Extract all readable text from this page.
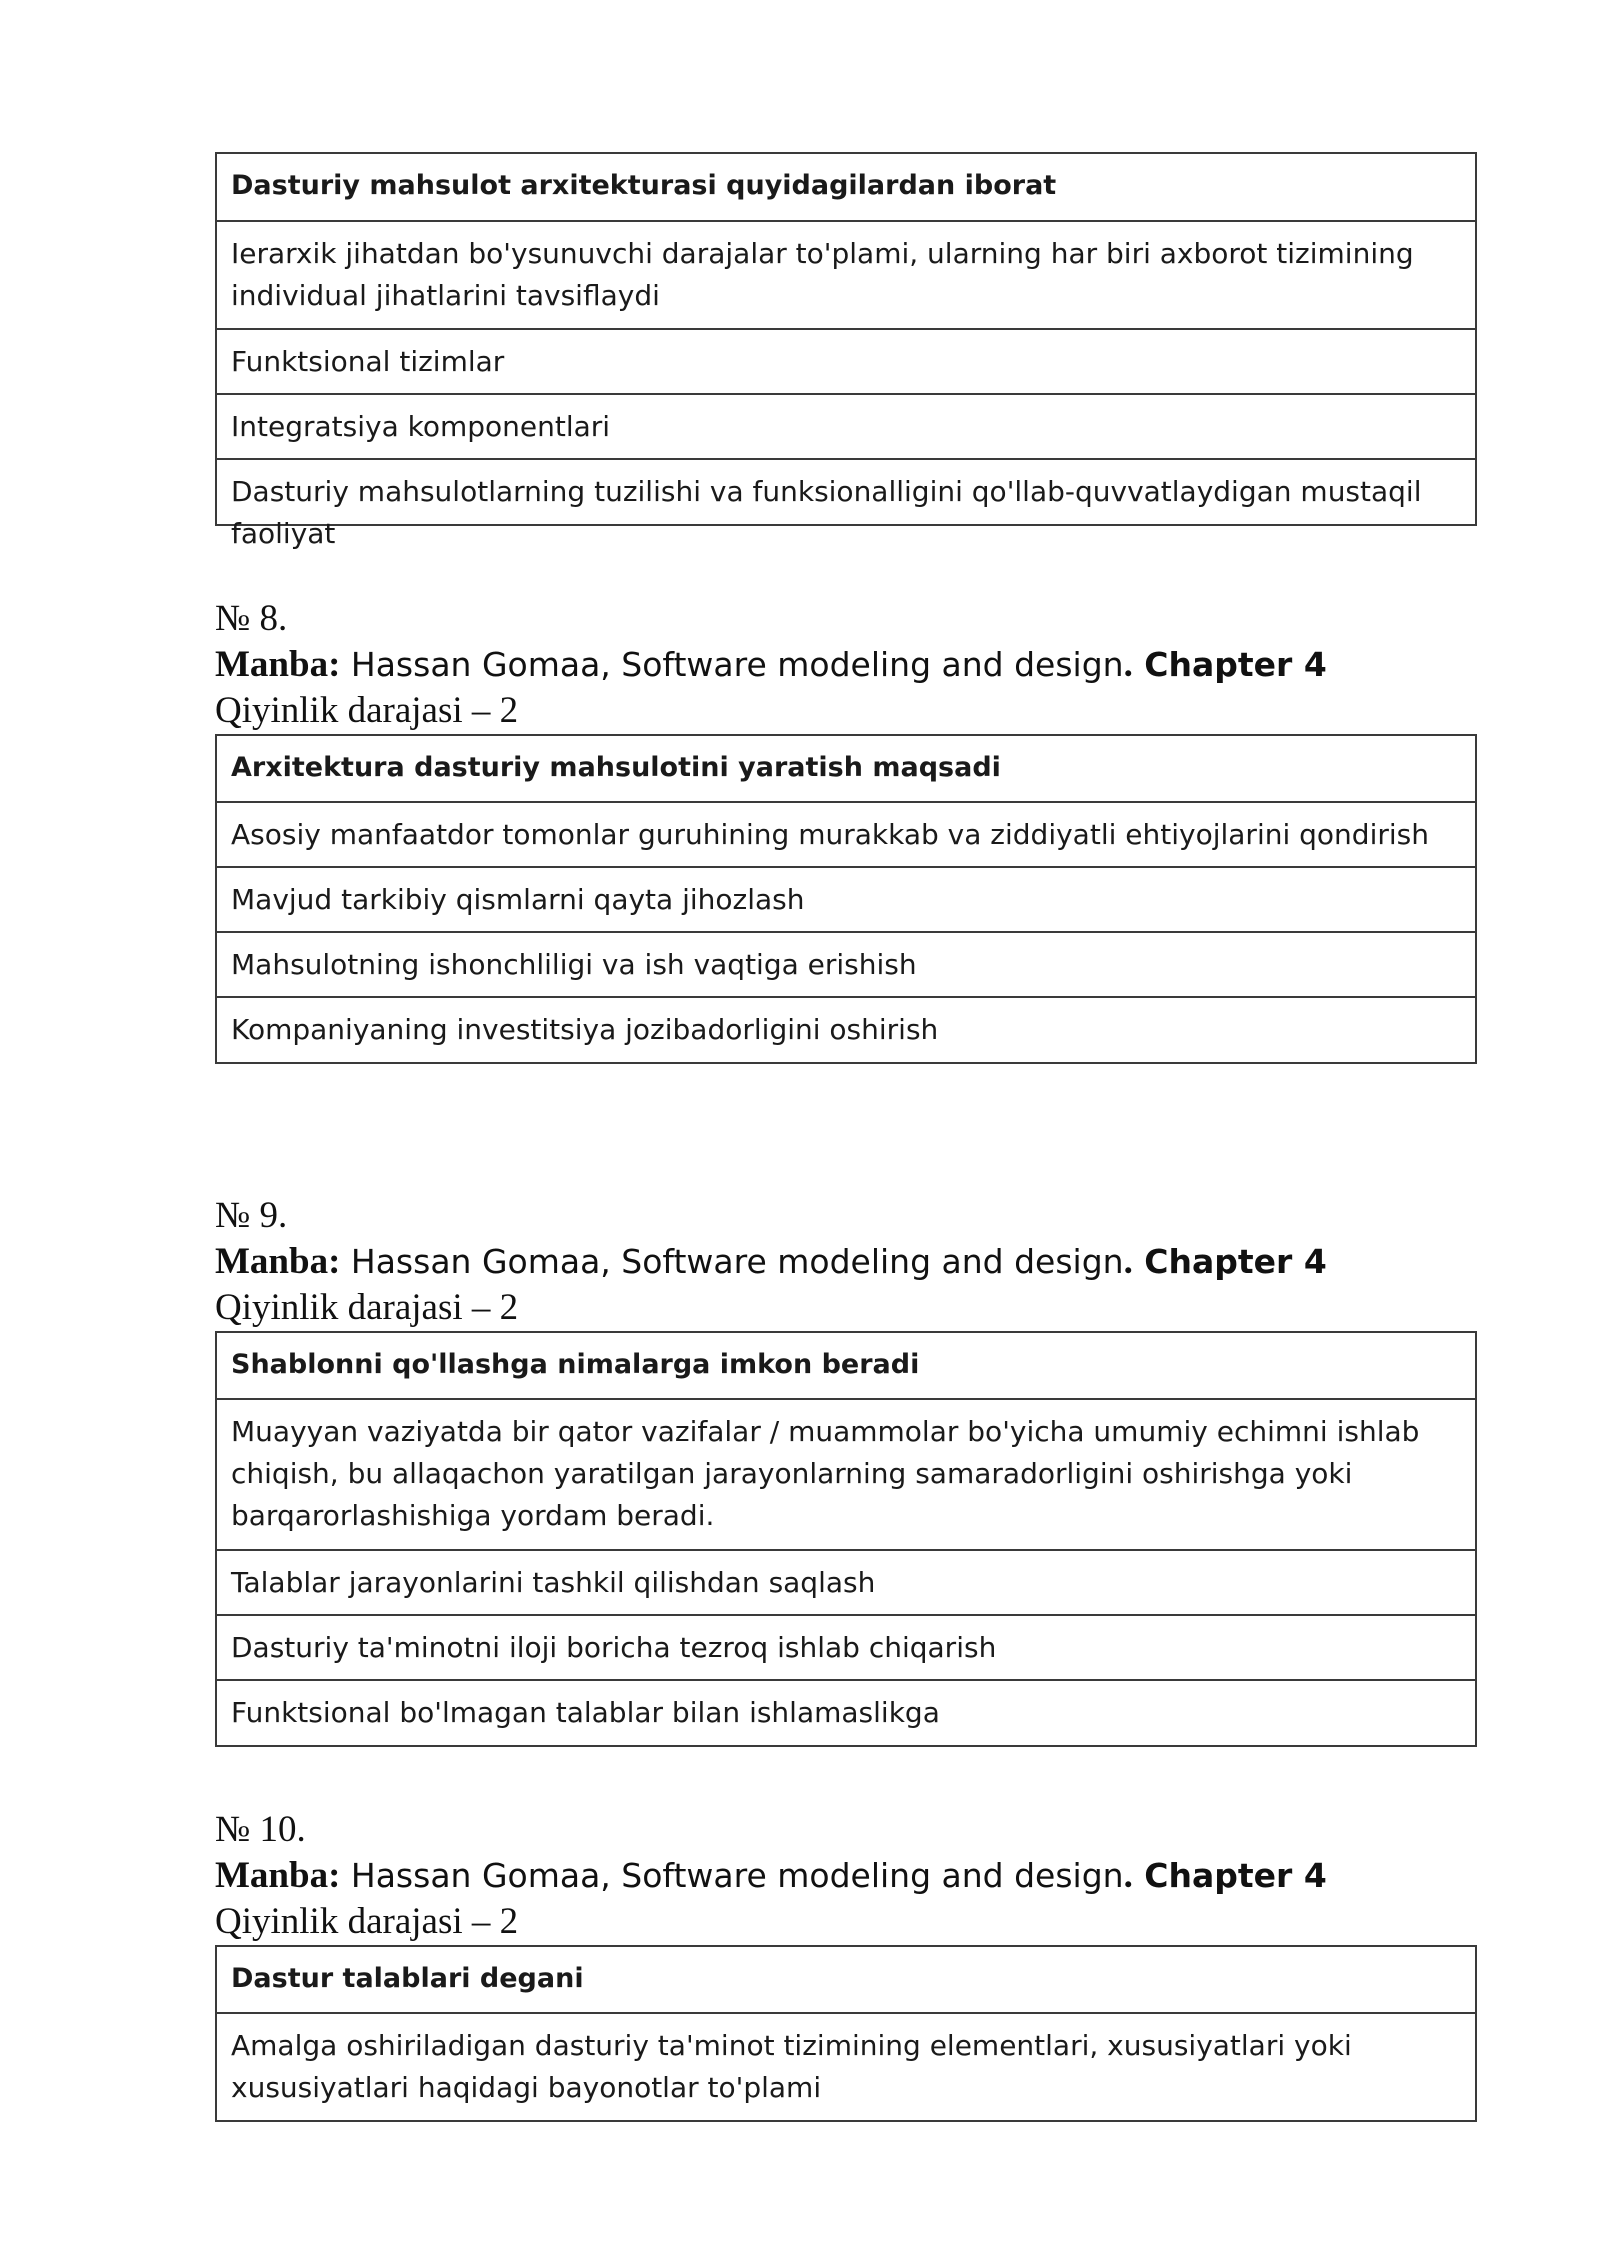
Dasturiy mahsulot arxitekturasi quyidagilardan iborat
Ierarxik jihatdan bo'ysunuvchi darajalar to'plami, ularning har biri axborot tizimining individual jihatlarini tavsiflaydi
Funktsional tizimlar
Integratsiya komponentlari
Dasturiy mahsulotlarning tuzilishi va funksionalligini qo'llab-quvvatlaydigan mustaqil faoliyat
№ 8.
Manba: Hassan Gomaa, Software modeling and design. Chapter 4
Qiyinlik darajasi – 2
Arxitektura dasturiy mahsulotini yaratish maqsadi
Asosiy manfaatdor tomonlar guruhining murakkab va ziddiyatli ehtiyojlarini qondirish
Mavjud tarkibiy qismlarni qayta jihozlash
Mahsulotning ishonchliligi va ish vaqtiga erishish
Kompaniyaning investitsiya jozibadorligini oshirish
№ 9.
Manba: Hassan Gomaa, Software modeling and design. Chapter 4
Qiyinlik darajasi – 2
Shablonni qo'llashga nimalarga imkon beradi
Muayyan vaziyatda bir qator vazifalar / muammolar bo'yicha umumiy echimni ishlab chiqish, bu allaqachon yaratilgan jarayonlarning samaradorligini oshirishga yoki barqarorlashishiga yordam beradi.
Talablar jarayonlarini tashkil qilishdan saqlash
Dasturiy ta'minotni iloji boricha tezroq ishlab chiqarish
Funktsional bo'lmagan talablar bilan ishlamaslikga
№ 10.
Manba: Hassan Gomaa, Software modeling and design. Chapter 4
Qiyinlik darajasi – 2
Dastur talablari degani
Amalga oshiriladigan dasturiy ta'minot tizimining elementlari, xususiyatlari yoki xususiyatlari haqidagi bayonotlar to'plami
